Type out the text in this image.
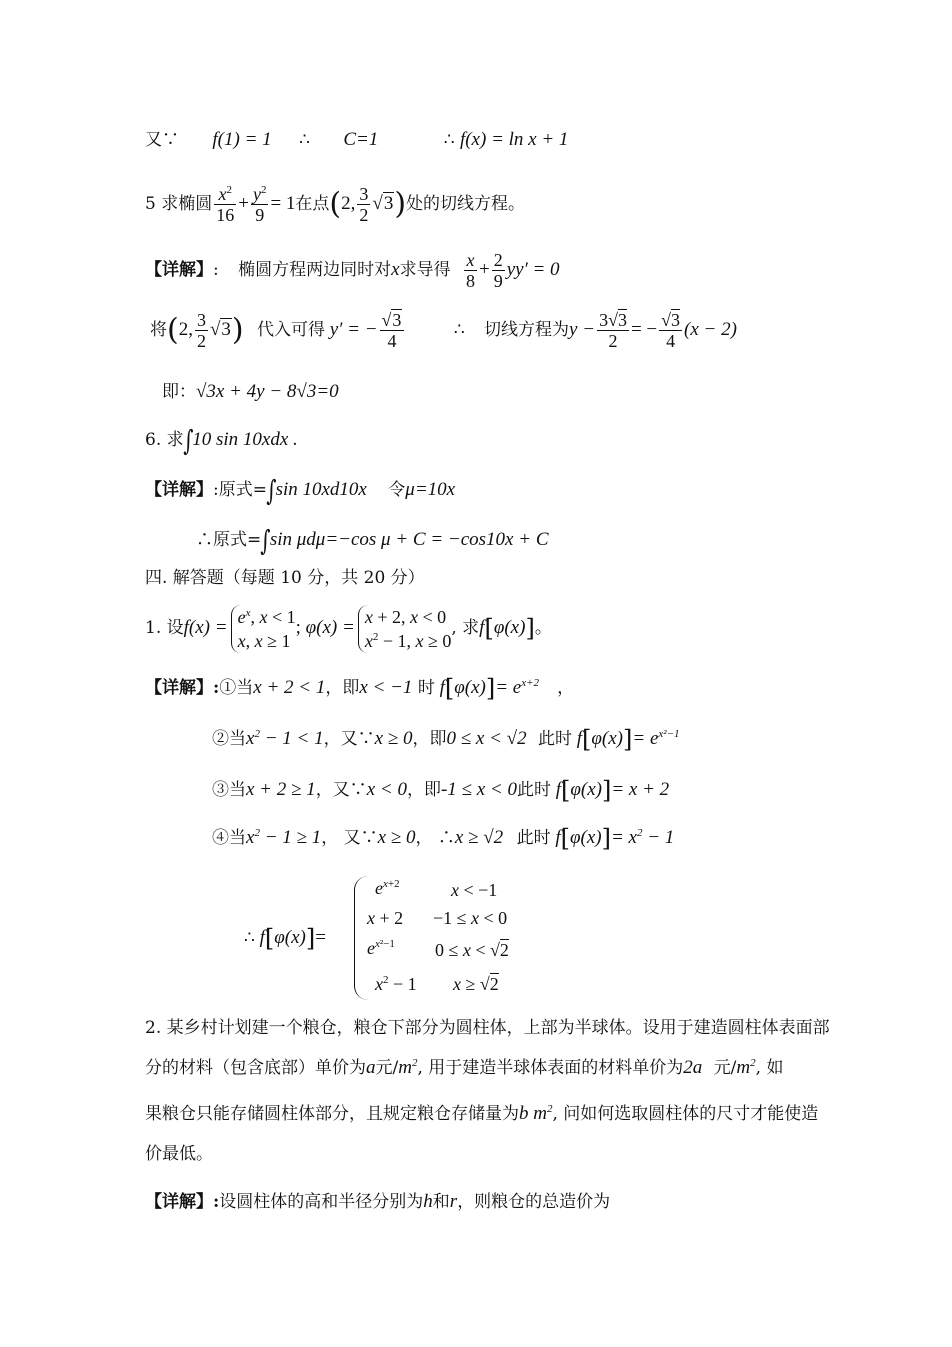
又∵ f(1) = 1 ∴ C=1	∴ f(x) = ln x + 1
5 求椭圆 $\frac{x^2}{16} + \frac{y^2}{9} = 1$在点(2, $\frac{3}{2} √3$)处的切线方程。
【详解】: 椭圆方程两边同时对x求导得 $\frac{x}{8} + \frac{2}{9} yy' = 0$
将(2, $\frac{3}{2} √3$) 代入可得 y′ = − $\frac{√3}{4}$	∴ 切线方程为$y - \frac{3√3}{2}$ = − $\frac{√3}{4} (x - 2)$
即：√3x + 4y − 8√3=0
6. 求∫10 sin 10xdx .
【详解】:原式=∫sin 10xd10x 令μ=10x
∴原式=∫sin μdμ=−cos μ + C = −cos10x + C
四. 解答题（每题 10 分，共 20 分）
1. 设f(x) =
$e^x$, x < 1
x, x ≥ 1
; φ(x) =
x + 2, x < 0
$x^2 - 1$, x ≥ 0
, 求f[φ(x)]。
【详解】:①当x + 2 < 1，即x < −1 时 $f[\varphi(x)]= e^{x+2}$ ，
②当$x^2 - 1 < 1$，又∵x ≥ 0，即0 ≤ x < √2 此时 $f[\varphi(x)]= e^{x^2-1}$
③当x + 2 ≥ 1，又∵x < 0，即-1 ≤ x < 0此时 f[φ(x)]= x + 2
④当$x^2 - 1 \ge 1$， 又∵x ≥ 0， ∴x ≥ √2 此时 $f[\varphi(x)]= x^2 - 1$
∴ f[φ(x)]=
$e^{x+2}$	x < −1
x + 2 −1 ≤ x < 0
$e^{x^2-1}$ 0 ≤ x < √2
$x^2 - 1$ x ≥ √2
2. 某乡村计划建一个粮仓，粮仓下部分为圆柱体，上部为半球体。设用于建造圆柱体表面部
分的材料（包含底部）单价为a元$/m^2$, 用于建造半球体表面的材料单价为2a 元$/m^2$, 如
果粮仓只能存储圆柱体部分，且规定粮仓存储量为b $m^2$, 问如何选取圆柱体的尺寸才能使造
价最低。
【详解】:设圆柱体的高和半径分别为h和r，则粮仓的总造价为
